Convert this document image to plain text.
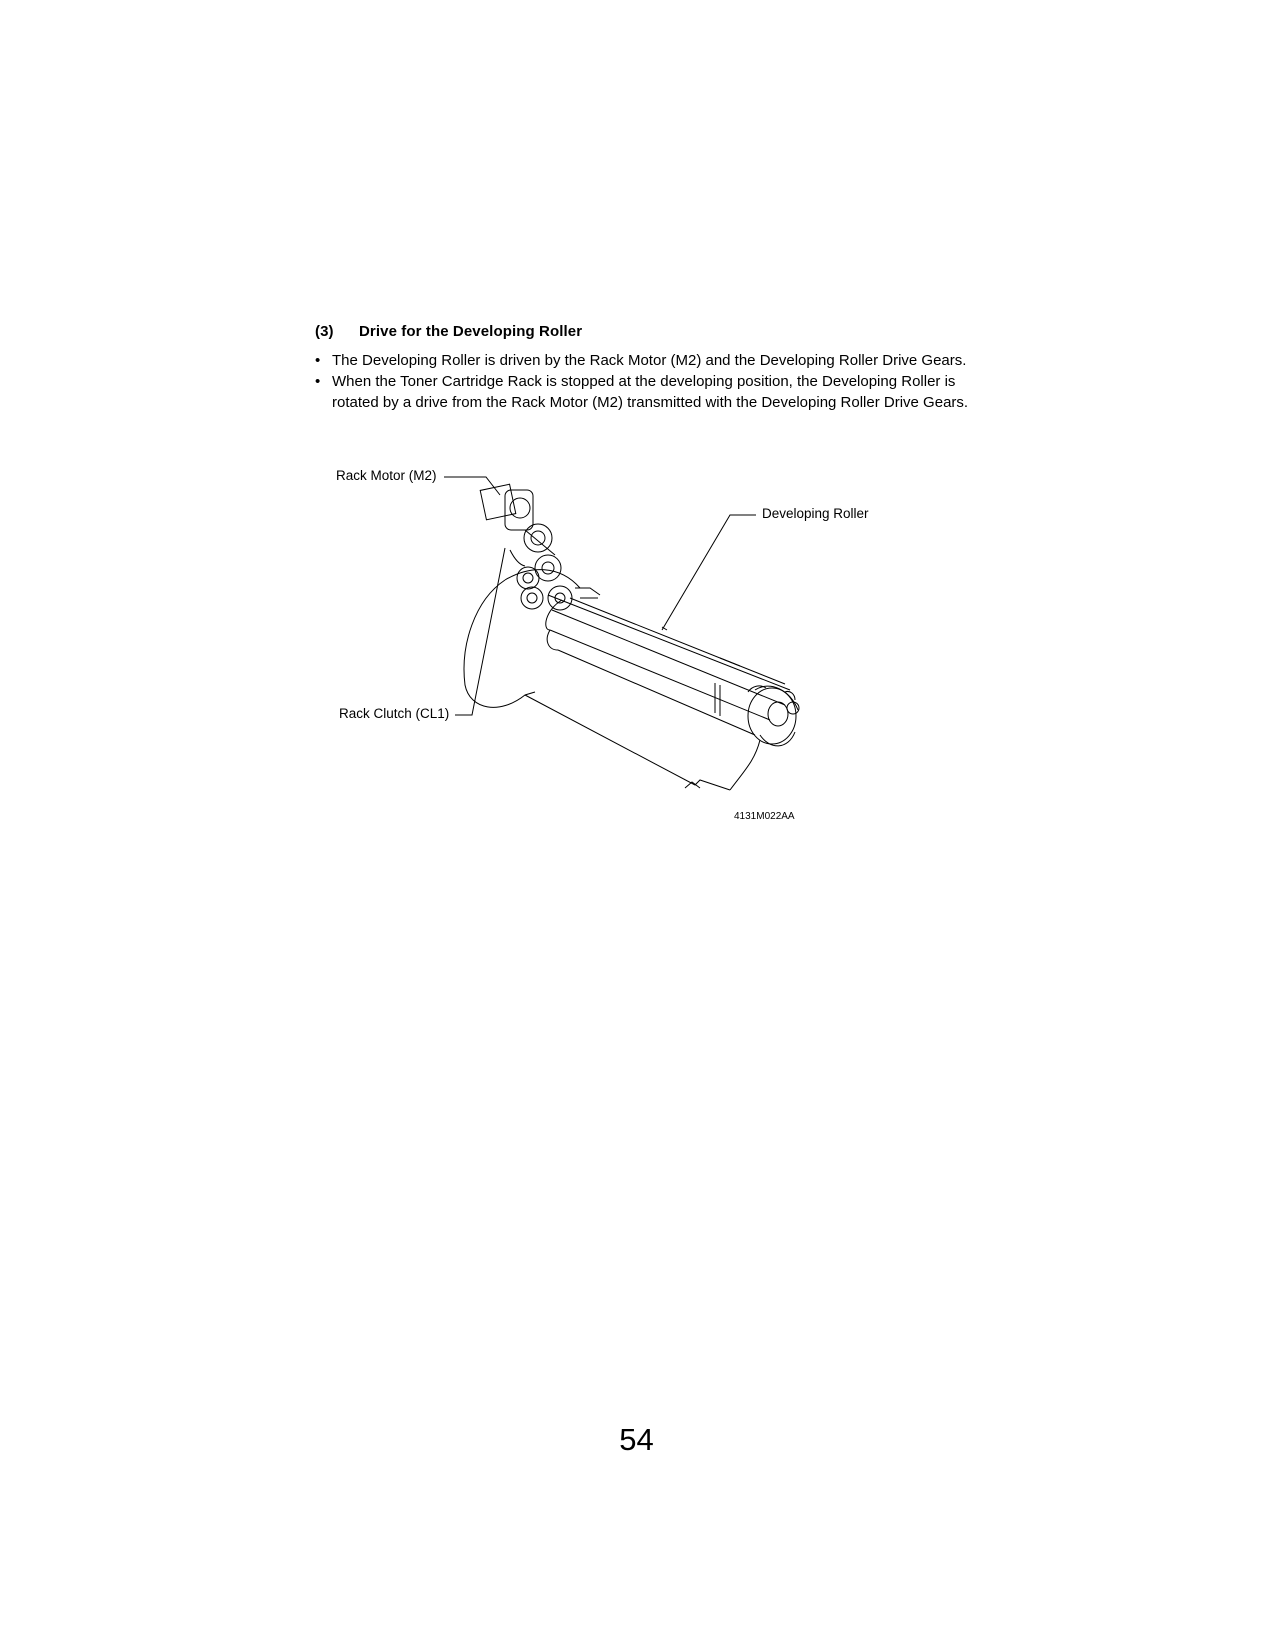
(3) Drive for the Developing Roller
• The Developing Roller is driven by the Rack Motor (M2) and the Developing Roller Drive Gears.
• When the Toner Cartridge Rack is stopped at the developing position, the Developing Roller is rotated by a drive from the Rack Motor (M2) transmitted with the Developing Roller Drive Gears.
Rack Motor (M2)
Developing Roller
Rack Clutch (CL1)
4131M022AA
54
